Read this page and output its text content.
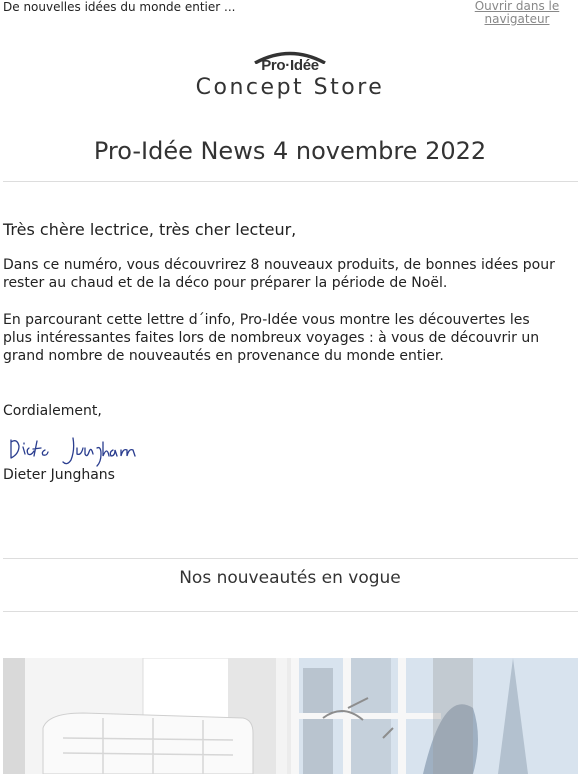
De nouvelles idées du monde entier ...	Ouvrir dans le navigateur
Pro·Idée
Concept Store
Pro-Idée News 4 novembre 2022

Très chère lectrice, très cher lecteur,

Dans ce numéro, vous découvrirez 8 nouveaux produits, de bonnes idées pour rester au chaud et de la déco pour préparer la période de Noël.

En parcourant cette lettre d´info, Pro-Idée vous montre les découvertes les plus intéressantes faites lors de nombreux voyages : à vous de découvrir un grand nombre de nouveautés en provenance du monde entier.

Cordialement,

Dieter Junghans

Nos nouveautés en vogue
